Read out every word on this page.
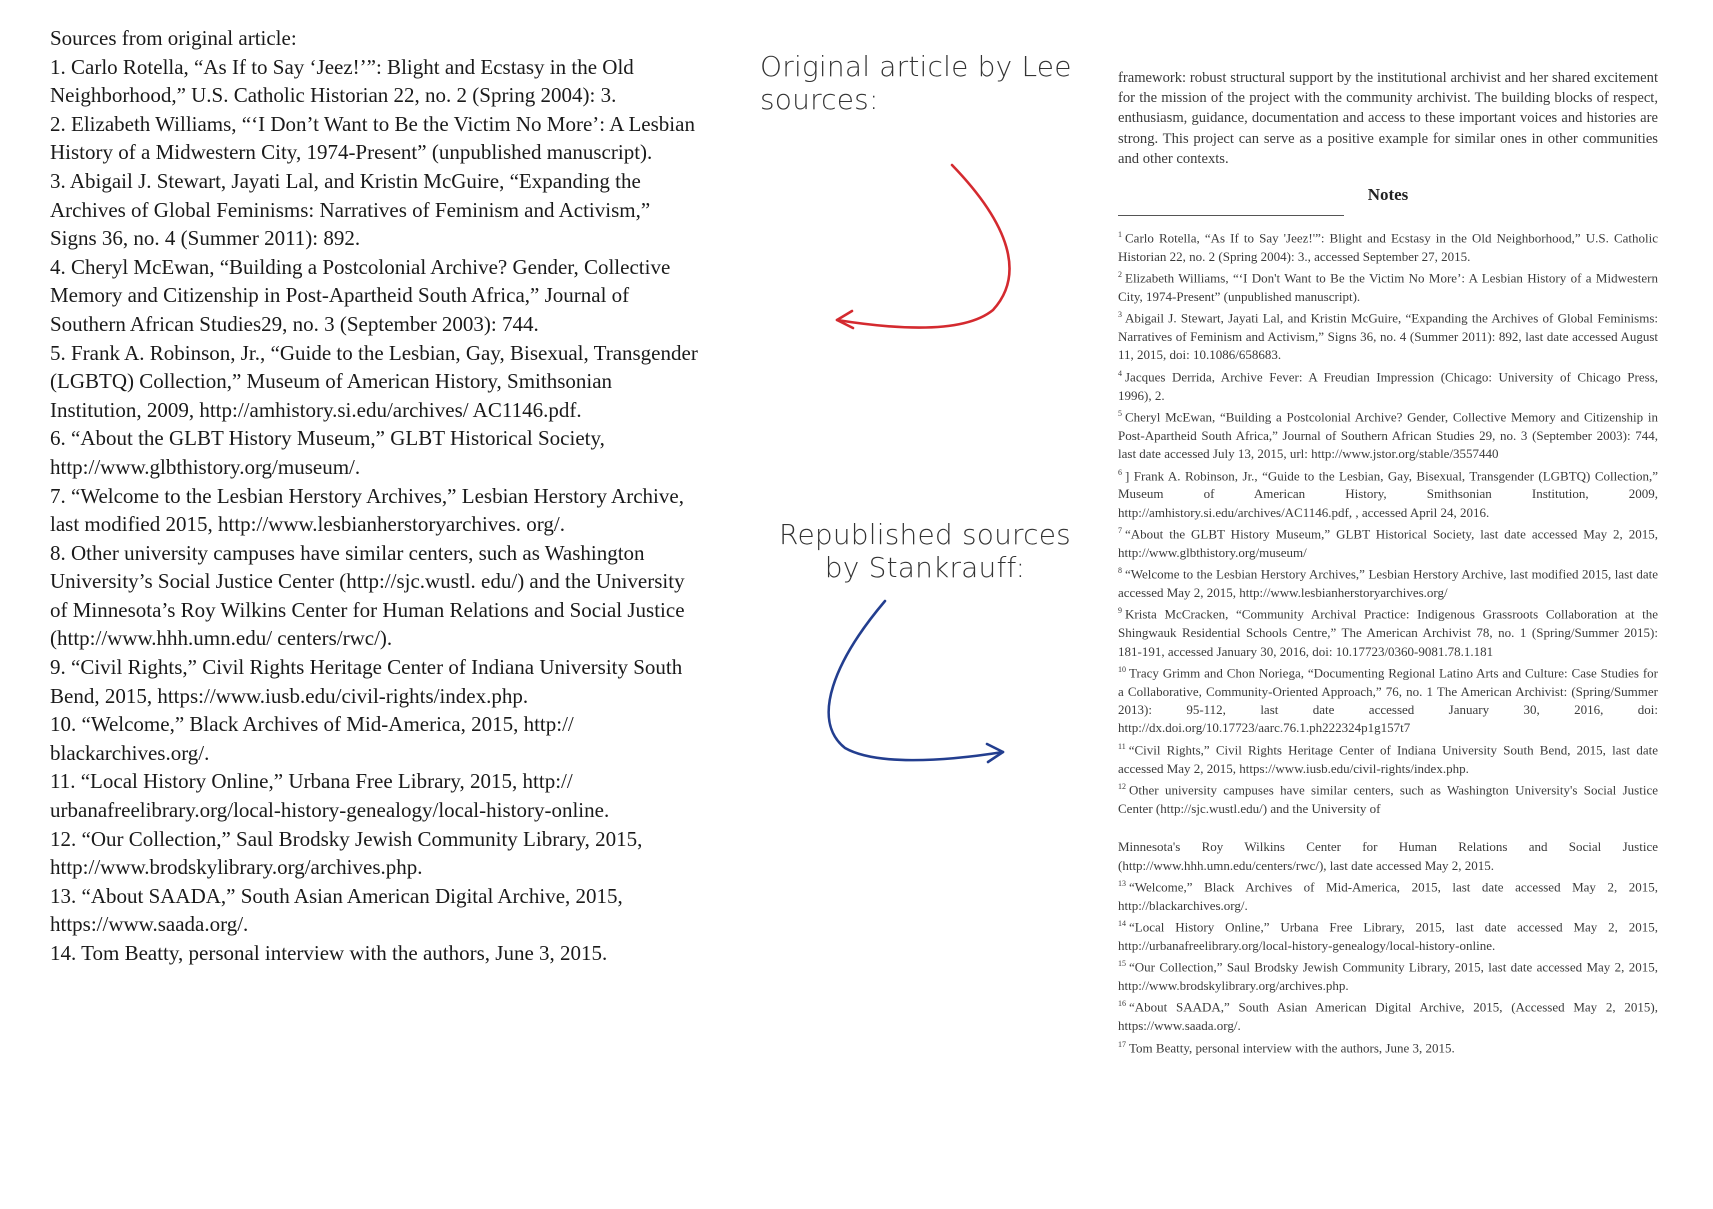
Sources from original article:

1. Carlo Rotella, “As If to Say ‘Jeez!’”: Blight and Ecstasy in the Old Neighborhood,” U.S. Catholic Historian 22, no. 2 (Spring 2004): 3.

2. Elizabeth Williams, “‘I Don’t Want to Be the Victim No More’: A Lesbian History of a Midwestern City, 1974-Present” (unpublished manuscript).

3. Abigail J. Stewart, Jayati Lal, and Kristin McGuire, “Expanding the Archives of Global Feminisms: Narratives of Feminism and Activism,” Signs 36, no. 4 (Summer 2011): 892.

4. Cheryl McEwan, “Building a Postcolonial Archive? Gender, Collective Memory and Citizenship in Post-Apartheid South Africa,” Journal of Southern African Studies29, no. 3 (September 2003): 744.

5. Frank A. Robinson, Jr., “Guide to the Lesbian, Gay, Bisexual, Transgender (LGBTQ) Collection,” Museum of American History, Smithsonian Institution, 2009, http://amhistory.si.edu/archives/ AC1146.pdf.

6. “About the GLBT History Museum,” GLBT Historical Society, http://www.glbthistory.org/museum/.

7. “Welcome to the Lesbian Herstory Archives,” Lesbian Herstory Archive, last modified 2015, http://www.lesbianherstoryarchives. org/.

8. Other university campuses have similar centers, such as Washington University’s Social Justice Center (http://sjc.wustl. edu/) and the University of Minnesota’s Roy Wilkins Center for Human Relations and Social Justice (http://www.hhh.umn.edu/ centers/rwc/).

9. “Civil Rights,” Civil Rights Heritage Center of Indiana University South Bend, 2015, https://www.iusb.edu/civil-rights/index.php.

10. “Welcome,” Black Archives of Mid-America, 2015, http:// blackarchives.org/.

11. “Local History Online,” Urbana Free Library, 2015, http:// urbanafreelibrary.org/local-history-genealogy/local-history-online.

12. “Our Collection,” Saul Brodsky Jewish Community Library, 2015, http://www.brodskylibrary.org/archives.php.

13. “About SAADA,” South Asian American Digital Archive, 2015, https://www.saada.org/.

14. Tom Beatty, personal interview with the authors, June 3, 2015.

Original article by Lee sources:
Republished sources by Stankrauff:

framework: robust structural support by the institutional archivist and her shared excitement for the mission of the project with the community archivist. The building blocks of respect, enthusiasm, guidance, documentation and access to these important voices and histories are strong. This project can serve as a positive example for similar ones in other communities and other contexts.

Notes

$^1$ Carlo Rotella, “As If to Say 'Jeez!'”: Blight and Ecstasy in the Old Neighborhood,” U.S. Catholic Historian 22, no. 2 (Spring 2004): 3., accessed September 27, 2015.

$^2$ Elizabeth Williams, “‘I Don't Want to Be the Victim No More’: A Lesbian History of a Midwestern City, 1974-Present” (unpublished manuscript).

$^3$ Abigail J. Stewart, Jayati Lal, and Kristin McGuire, “Expanding the Archives of Global Feminisms: Narratives of Feminism and Activism,” Signs 36, no. 4 (Summer 2011): 892, last date accessed August 11, 2015, doi: 10.1086/658683.

$^4$ Jacques Derrida, Archive Fever: A Freudian Impression (Chicago: University of Chicago Press, 1996), 2.

$^5$ Cheryl McEwan, “Building a Postcolonial Archive? Gender, Collective Memory and Citizenship in Post-Apartheid South Africa,” Journal of Southern African Studies 29, no. 3 (September 2003): 744, last date accessed July 13, 2015, url: http://www.jstor.org/stable/3557440

$^6$ ] Frank A. Robinson, Jr., “Guide to the Lesbian, Gay, Bisexual, Transgender (LGBTQ) Collection,” Museum of American History, Smithsonian Institution, 2009, http://amhistory.si.edu/archives/AC1146.pdf, , accessed April 24, 2016.

$^7$ “About the GLBT History Museum,” GLBT Historical Society, last date accessed May 2, 2015, http://www.glbthistory.org/museum/

$^8$ “Welcome to the Lesbian Herstory Archives,” Lesbian Herstory Archive, last modified 2015, last date accessed May 2, 2015, http://www.lesbianherstoryarchives.org/

$^9$ Krista McCracken, “Community Archival Practice: Indigenous Grassroots Collaboration at the Shingwauk Residential Schools Centre,” The American Archivist 78, no. 1 (Spring/Summer 2015): 181-191, accessed January 30, 2016, doi: 10.17723/0360-9081.78.1.181

$^{10}$ Tracy Grimm and Chon Noriega, “Documenting Regional Latino Arts and Culture: Case Studies for a Collaborative, Community-Oriented Approach,” 76, no. 1 The American Archivist: (Spring/Summer 2013): 95-112, last date accessed January 30, 2016, doi: http://dx.doi.org/10.17723/aarc.76.1.ph222324p1g157t7

$^{11}$ “Civil Rights,” Civil Rights Heritage Center of Indiana University South Bend, 2015, last date accessed May 2, 2015, https://www.iusb.edu/civil-rights/index.php.

$^{12}$ Other university campuses have similar centers, such as Washington University's Social Justice Center (http://sjc.wustl.edu/) and the University of

Minnesota's Roy Wilkins Center for Human Relations and Social Justice (http://www.hhh.umn.edu/centers/rwc/), last date accessed May 2, 2015.

$^{13}$ “Welcome,” Black Archives of Mid-America, 2015, last date accessed May 2, 2015, http://blackarchives.org/.

$^{14}$ “Local History Online,” Urbana Free Library, 2015, last date accessed May 2, 2015, http://urbanafreelibrary.org/local-history-genealogy/local-history-online.

$^{15}$ “Our Collection,” Saul Brodsky Jewish Community Library, 2015, last date accessed May 2, 2015, http://www.brodskylibrary.org/archives.php.

$^{16}$ “About SAADA,” South Asian American Digital Archive, 2015, (Accessed May 2, 2015), https://www.saada.org/.

$^{17}$ Tom Beatty, personal interview with the authors, June 3, 2015.
